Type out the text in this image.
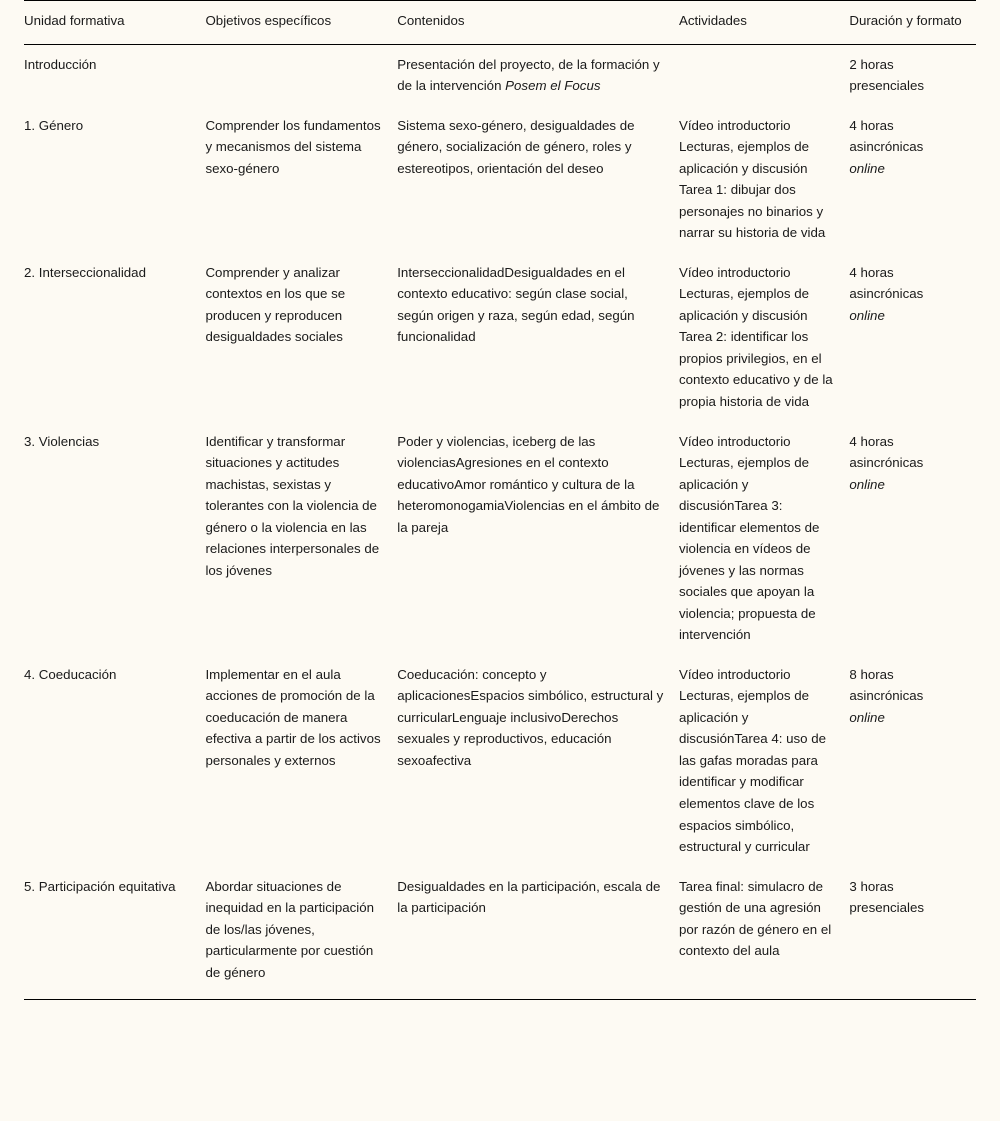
Unidad formativa	Objetivos específicos	Contenidos	Actividades	Duración y formato
Introducción		Presentación del proyecto, de la formación y de la intervención Posem el Focus		2 horas presenciales
1. Género	Comprender los fundamentos y mecanismos del sistema sexo-género	Sistema sexo-género, desigualdades de género, socialización de género, roles y estereotipos, orientación del deseo	Vídeo introductorio Lecturas, ejemplos de aplicación y discusión Tarea 1: dibujar dos personajes no binarios y narrar su historia de vida	4 horas asincrónicas online
2. Interseccionalidad	Comprender y analizar contextos en los que se producen y reproducen desigualdades sociales	InterseccionalidadDesigualdades en el contexto educativo: según clase social, según origen y raza, según edad, según funcionalidad	Vídeo introductorio Lecturas, ejemplos de aplicación y discusión Tarea 2: identificar los propios privilegios, en el contexto educativo y de la propia historia de vida	4 horas asincrónicas online
3. Violencias	Identificar y transformar situaciones y actitudes machistas, sexistas y tolerantes con la violencia de género o la violencia en las relaciones interpersonales de los jóvenes	Poder y violencias, iceberg de las violenciasAgresiones en el contexto educativoAmor romántico y cultura de la heteromonogamiaViolencias en el ámbito de la pareja	Vídeo introductorio Lecturas, ejemplos de aplicación y discusiónTarea 3: identificar elementos de violencia en vídeos de jóvenes y las normas sociales que apoyan la violencia; propuesta de intervención	4 horas asincrónicas online
4. Coeducación	Implementar en el aula acciones de promoción de la coeducación de manera efectiva a partir de los activos personales y externos	Coeducación: concepto y aplicacionesEspacios simbólico, estructural y curricularLenguaje inclusivoDerechos sexuales y reproductivos, educación sexoafectiva	Vídeo introductorio Lecturas, ejemplos de aplicación y discusiónTarea 4: uso de las gafas moradas para identificar y modificar elementos clave de los espacios simbólico, estructural y curricular	8 horas asincrónicas online
5. Participación equitativa	Abordar situaciones de inequidad en la participación de los/las jóvenes, particularmente por cuestión de género	Desigualdades en la participación, escala de la participación	Tarea final: simulacro de gestión de una agresión por razón de género en el contexto del aula	3 horas presenciales
